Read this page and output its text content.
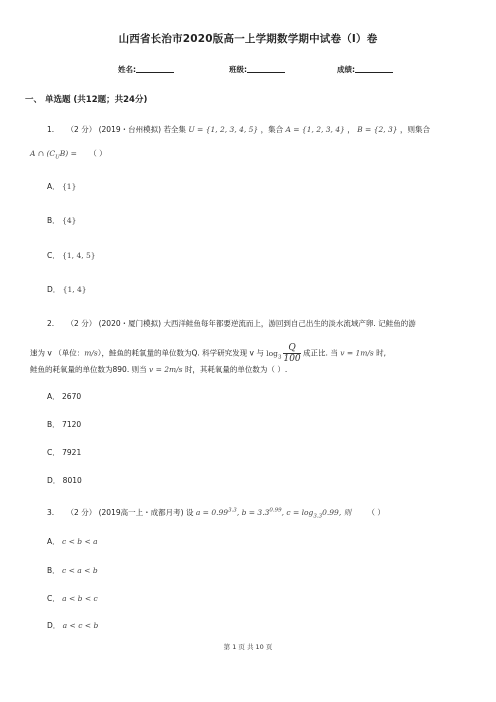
山西省长治市2020版高一上学期数学期中试卷（I）卷
姓名:	班级:	成绩:
一、 单选题 (共12题；共24分)
1. （2 分） (2019・台州模拟) 若全集 U = {1, 2, 3, 4, 5} ，集合 A = {1, 2, 3, 4} ， B = {2, 3} ，则集合
A ∩ $(C_UB)$ = （ ）
A． {1}
B． {4}
C． {1, 4, 5}
D． {1, 4}
2. （2 分） (2020・厦门模拟) 大西洋鲑鱼每年都要逆流而上，游回到自己出生的淡水流域产卵. 记鲑鱼的游
速为 v （单位：m/s），鲑鱼的耗氧量的单位数为Q. 科学研究发现 v 与 $\log_3 \frac{Q}{100}$ 成正比. 当 v = 1m/s 时,
鲑鱼的耗氧量的单位数为890. 则当 v = 2m/s 时，其耗氧量的单位数为（ ）.
A． 2670
B． 7120
C． 7921
D． 8010
3. （2 分） (2019高一上・成都月考) 设 $a = 0.99^{3.3}$, $b = 3.3^{0.99}$, $c = \log_{3.3}0.99$, 则 （ ）
A． c < b < a
B． c < a < b
C． a < b < c
D． a < c < b
第 1 页 共 10 页
